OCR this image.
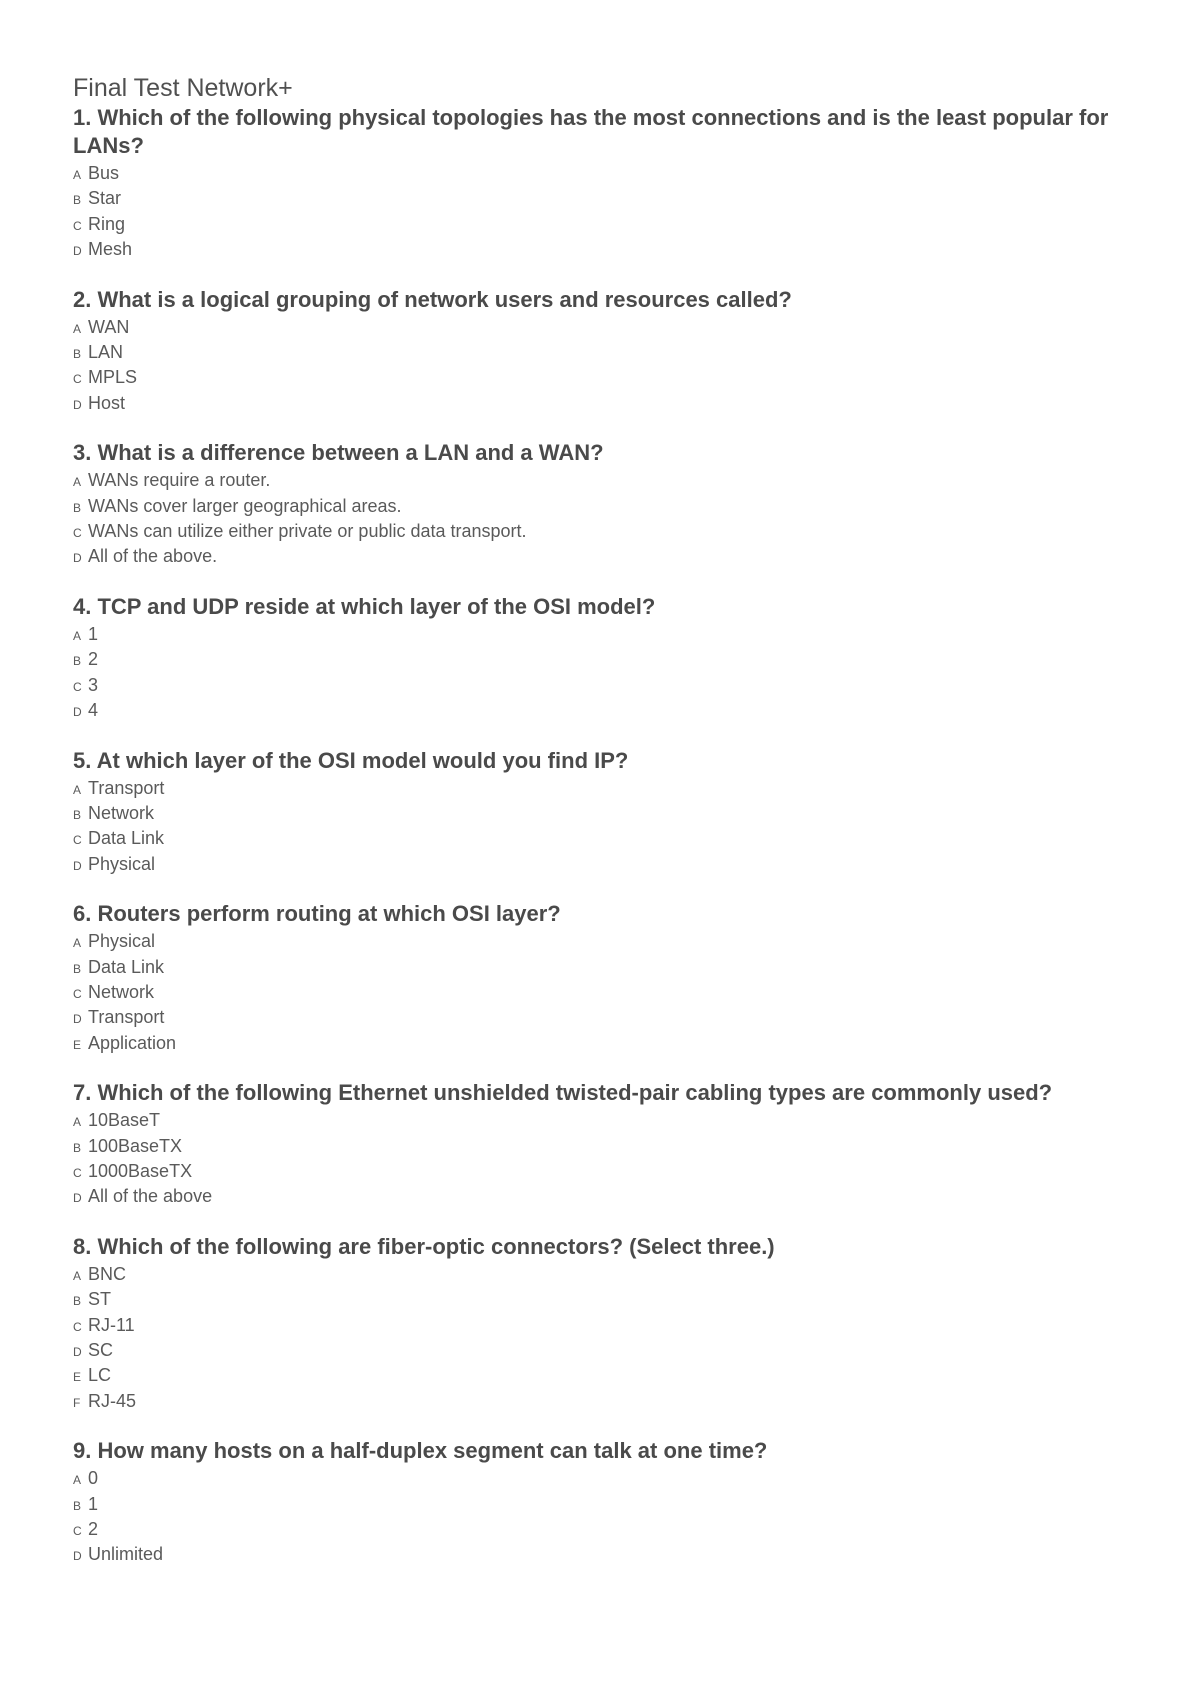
Final Test Network+
1. Which of the following physical topologies has the most connections and is the least popular for LANs?
A Bus
B Star
C Ring
D Mesh
2. What is a logical grouping of network users and resources called?
A WAN
B LAN
C MPLS
D Host
3. What is a difference between a LAN and a WAN?
A WANs require a router.
B WANs cover larger geographical areas.
C WANs can utilize either private or public data transport.
D All of the above.
4. TCP and UDP reside at which layer of the OSI model?
A 1
B 2
C 3
D 4
5. At which layer of the OSI model would you find IP?
A Transport
B Network
C Data Link
D Physical
6. Routers perform routing at which OSI layer?
A Physical
B Data Link
C Network
D Transport
E Application
7. Which of the following Ethernet unshielded twisted-pair cabling types are commonly used?
A 10BaseT
B 100BaseTX
C 1000BaseTX
D All of the above
8. Which of the following are fiber-optic connectors? (Select three.)
A BNC
B ST
C RJ-11
D SC
E LC
F RJ-45
9. How many hosts on a half-duplex segment can talk at one time?
A 0
B 1
C 2
D Unlimited
